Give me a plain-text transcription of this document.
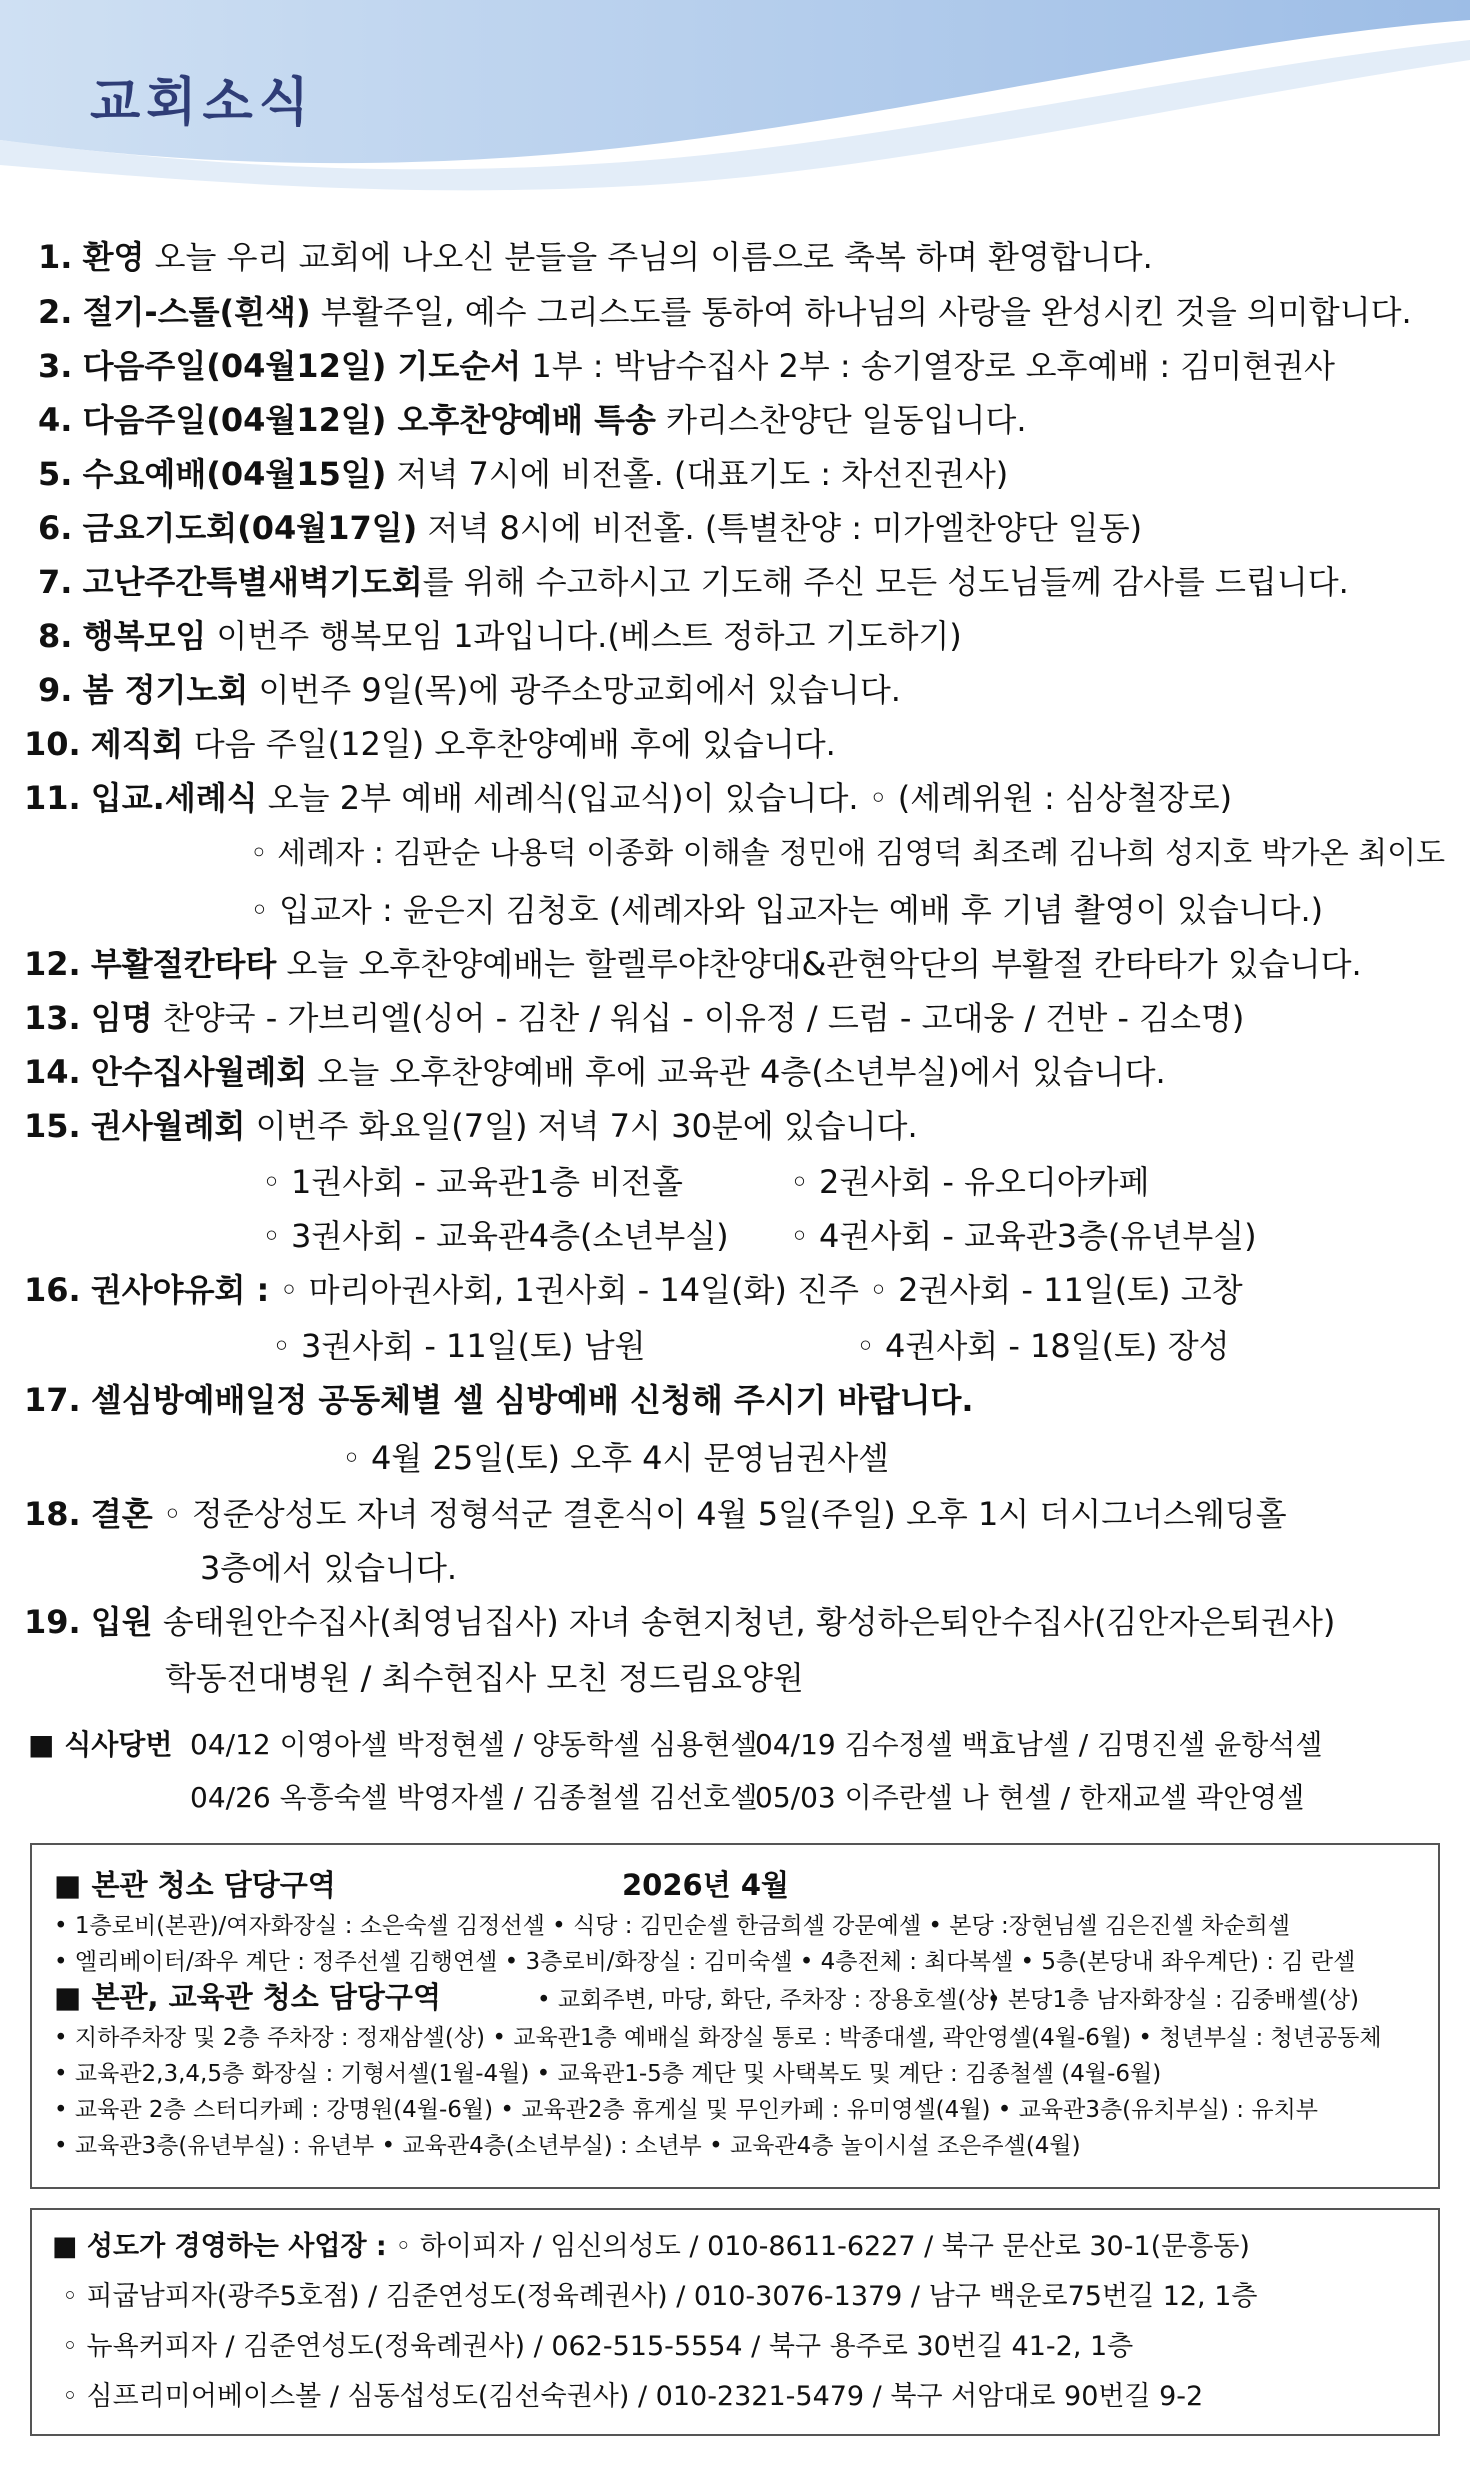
교회소식
1. 환영 오늘 우리 교회에 나오신 분들을 주님의 이름으로 축복 하며 환영합니다.
2. 절기-스톨(흰색) 부활주일, 예수 그리스도를 통하여 하나님의 사랑을 완성시킨 것을 의미합니다.
3. 다음주일(04월12일) 기도순서 1부 : 박남수집사 2부 : 송기열장로 오후예배 : 김미현권사
4. 다음주일(04월12일) 오후찬양예배 특송 카리스찬양단 일동입니다.
5. 수요예배(04월15일) 저녁 7시에 비전홀. (대표기도 : 차선진권사)
6. 금요기도회(04월17일) 저녁 8시에 비전홀. (특별찬양 : 미가엘찬양단 일동)
7. 고난주간특별새벽기도회를 위해 수고하시고 기도해 주신 모든 성도님들께 감사를 드립니다.
8. 행복모임 이번주 행복모임 1과입니다.(베스트 정하고 기도하기)
9. 봄 정기노회 이번주 9일(목)에 광주소망교회에서 있습니다.
10. 제직회 다음 주일(12일) 오후찬양예배 후에 있습니다.
11. 입교.세례식 오늘 2부 예배 세례식(입교식)이 있습니다. ◦ (세례위원 : 심상철장로)
◦ 세례자 : 김판순 나용덕 이종화 이해솔 정민애 김영덕 최조례 김나희 성지호 박가온 최이도
◦ 입교자 : 윤은지 김청호 (세례자와 입교자는 예배 후 기념 촬영이 있습니다.)
12. 부활절칸타타 오늘 오후찬양예배는 할렐루야찬양대&관현악단의 부활절 칸타타가 있습니다.
13. 임명 찬양국 - 가브리엘(싱어 - 김찬 / 워십 - 이유정 / 드럼 - 고대웅 / 건반 - 김소명)
14. 안수집사월례회 오늘 오후찬양예배 후에 교육관 4층(소년부실)에서 있습니다.
15. 권사월례회 이번주 화요일(7일) 저녁 7시 30분에 있습니다.
◦ 1권사회 - 교육관1층 비전홀	◦ 2권사회 - 유오디아카페
◦ 3권사회 - 교육관4층(소년부실) ◦ 4권사회 - 교육관3층(유년부실)
16. 권사야유회 : ◦ 마리아권사회, 1권사회 - 14일(화) 진주 ◦ 2권사회 - 11일(토) 고창
◦ 3권사회 - 11일(토) 남원	◦ 4권사회 - 18일(토) 장성
17. 셀심방예배일정 공동체별 셀 심방예배 신청해 주시기 바랍니다.
◦ 4월 25일(토) 오후 4시 문영님권사셀
18. 결혼 ◦ 정준상성도 자녀 정형석군 결혼식이 4월 5일(주일) 오후 1시 더시그너스웨딩홀
3층에서 있습니다.
19. 입원 송태원안수집사(최영님집사) 자녀 송현지청년, 황성하은퇴안수집사(김안자은퇴권사)
학동전대병원 / 최수현집사 모친 정드림요양원
■ 식사당번 04/12 이영아셀 박정현셀 / 양동학셀 심용현셀
04/19 김수정셀 백효남셀 / 김명진셀 윤항석셀
04/26 옥흥숙셀 박영자셀 / 김종철셀 김선호셀
05/03 이주란셀 나 현셀 / 한재교셀 곽안영셀
■ 본관 청소 담당구역	2026년 4월
• 1층로비(본관)/여자화장실 : 소은숙셀 김정선셀 • 식당 : 김민순셀 한금희셀 강문예셀 • 본당 :장현님셀 김은진셀 차순희셀
• 엘리베이터/좌우 계단 : 정주선셀 김행연셀 • 3층로비/화장실 : 김미숙셀 • 4층전체 : 최다복셀 • 5층(본당내 좌우계단) : 김 란셀
■ 본관, 교육관 청소 담당구역	• 교회주변, 마당, 화단, 주차장 : 장용호셀(상)
• 본당1층 남자화장실 : 김중배셀(상)
• 지하주차장 및 2층 주차장 : 정재삼셀(상) • 교육관1층 예배실 화장실 통로 : 박종대셀, 곽안영셀(4월-6월) • 청년부실 : 청년공동체
• 교육관2,3,4,5층 화장실 : 기형서셀(1월-4월) • 교육관1-5층 계단 및 사택복도 및 계단 : 김종철셀 (4월-6월)
• 교육관 2층 스터디카페 : 강명원(4월-6월) • 교육관2층 휴게실 및 무인카페 : 유미영셀(4월) • 교육관3층(유치부실) : 유치부
• 교육관3층(유년부실) : 유년부 • 교육관4층(소년부실) : 소년부 • 교육관4층 놀이시설 조은주셀(4월)
■ 성도가 경영하는 사업장 : ◦ 하이피자 / 임신의성도 / 010-8611-6227 / 북구 문산로 30-1(문흥동)
◦ 피굽남피자(광주5호점) / 김준연성도(정육례권사) / 010-3076-1379 / 남구 백운로75번길 12, 1층
◦ 뉴욕커피자 / 김준연성도(정육례권사) / 062-515-5554 / 북구 용주로 30번길 41-2, 1층
◦ 심프리미어베이스볼 / 심동섭성도(김선숙권사) / 010-2321-5479 / 북구 서암대로 90번길 9-2
